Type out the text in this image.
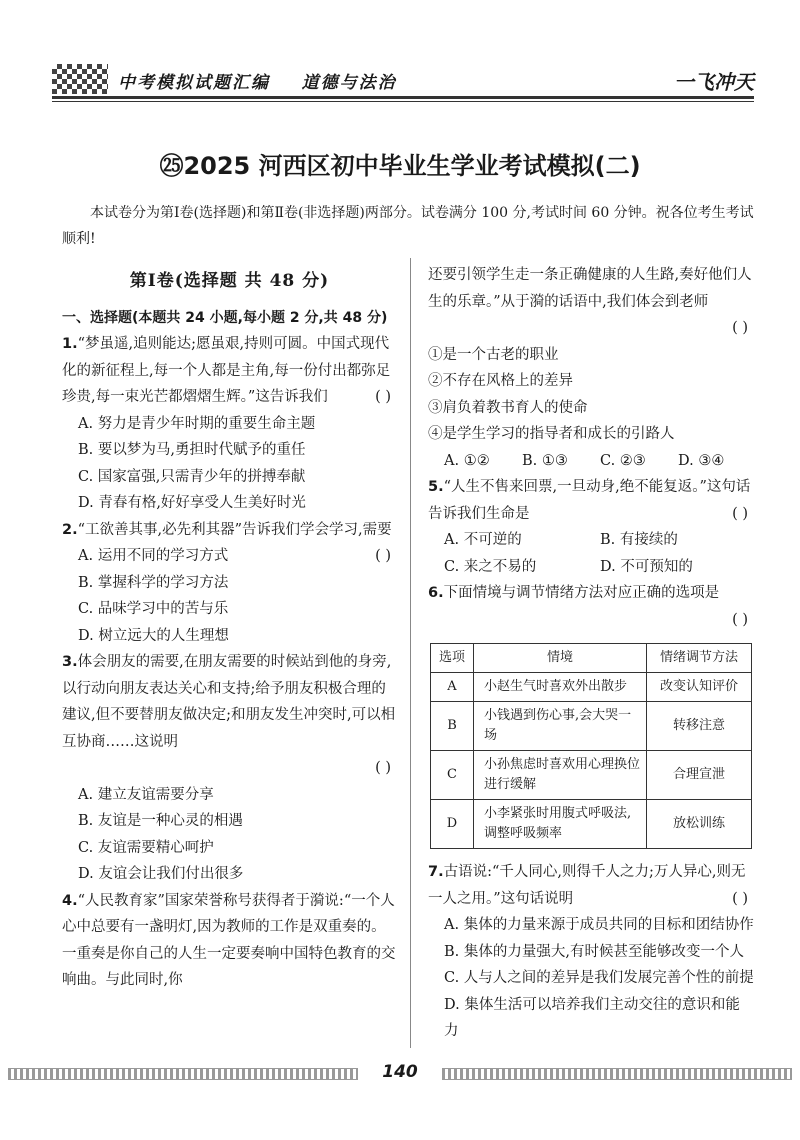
中考模拟试题汇编    道德与法治	一飞冲天
㉕2025 河西区初中毕业生学业考试模拟(二)
本试卷分为第Ⅰ卷(选择题)和第Ⅱ卷(非选择题)两部分。试卷满分 100 分,考试时间 60 分钟。祝各位考生考试顺利!
第Ⅰ卷(选择题 共 48 分)
一、选择题(本题共 24 小题,每小题 2 分,共 48 分)
1.“梦虽遥,追则能达;愿虽艰,持则可圆。中国式现代化的新征程上,每一个人都是主角,每一份付出都弥足珍贵,每一束光芒都熠熠生辉。”这告诉我们	( )
A. 努力是青少年时期的重要生命主题
B. 要以梦为马,勇担时代赋予的重任
C. 国家富强,只需青少年的拼搏奉献
D. 青春有格,好好享受人生美好时光
2.“工欲善其事,必先利其器”告诉我们学会学习,需要
( )
A. 运用不同的学习方式
B. 掌握科学的学习方法
C. 品味学习中的苦与乐
D. 树立远大的人生理想
3.体会朋友的需要,在朋友需要的时候站到他的身旁,以行动向朋友表达关心和支持;给予朋友积极合理的建议,但不要替朋友做决定;和朋友发生冲突时,可以相互协商……这说明
( )
A. 建立友谊需要分享
B. 友谊是一种心灵的相遇
C. 友谊需要精心呵护
D. 友谊会让我们付出很多
4.“人民教育家”国家荣誉称号获得者于漪说:“一个人心中总要有一盏明灯,因为教师的工作是双重奏的。一重奏是你自己的人生一定要奏响中国特色教育的交响曲。与此同时,你
还要引领学生走一条正确健康的人生路,奏好他们人生的乐章。”从于漪的话语中,我们体会到老师
( )
①是一个古老的职业
②不存在风格上的差异
③肩负着教书育人的使命
④是学生学习的指导者和成长的引路人
A. ①②	B. ①③	C. ②③	D. ③④
5.“人生不售来回票,一旦动身,绝不能复返。”这句话告诉我们生命是	( )
A. 不可逆的	B. 有接续的
C. 来之不易的	D. 不可预知的
6.下面情境与调节情绪方法对应正确的选项是
( )
选项	情境	情绪调节方法
A	小赵生气时喜欢外出散步	改变认知评价
B	小钱遇到伤心事,会大哭一场	转移注意
C	小孙焦虑时喜欢用心理换位进行缓解	合理宣泄
D	小李紧张时用腹式呼吸法,调整呼吸频率	放松训练
7.古语说:“千人同心,则得千人之力;万人异心,则无一人之用。”这句话说明	( )
A. 集体的力量来源于成员共同的目标和团结协作
B. 集体的力量强大,有时候甚至能够改变一个人
C. 人与人之间的差异是我们发展完善个性的前提
D. 集体生活可以培养我们主动交往的意识和能力
140
